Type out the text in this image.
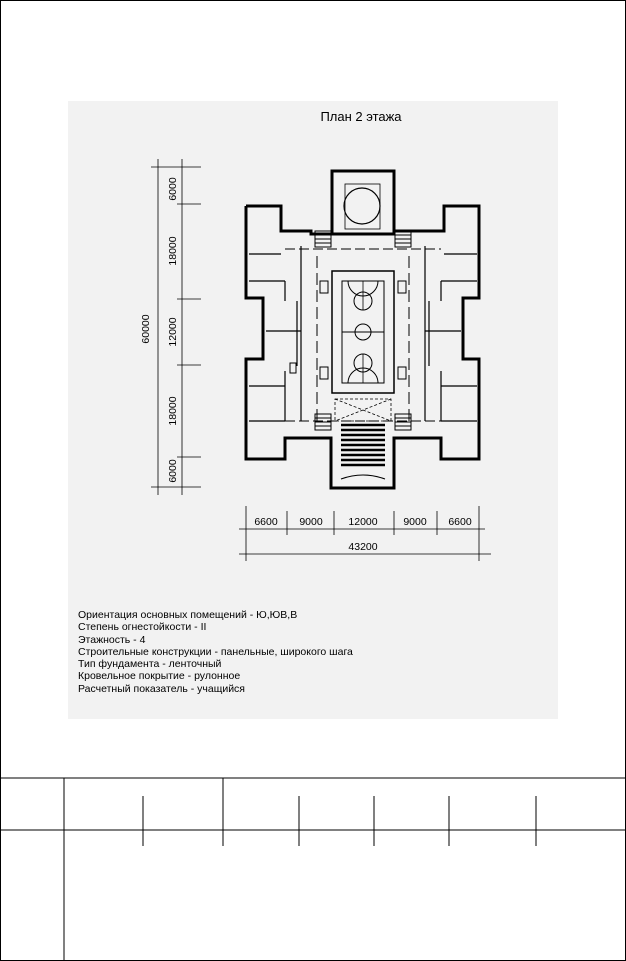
План 2 этажа
6000
18000
12000
18000
6000
60000
6600 9000 12000 9000 6600
43200
Ориентация основных помещений - Ю,ЮВ,В
Степень огнестойкости - II
Этажность - 4
Строительные конструкции - панельные, широкого шага
Тип фундамента - ленточный
Кровельное покрытие - рулонное
Расчетный показатель - учащийся
